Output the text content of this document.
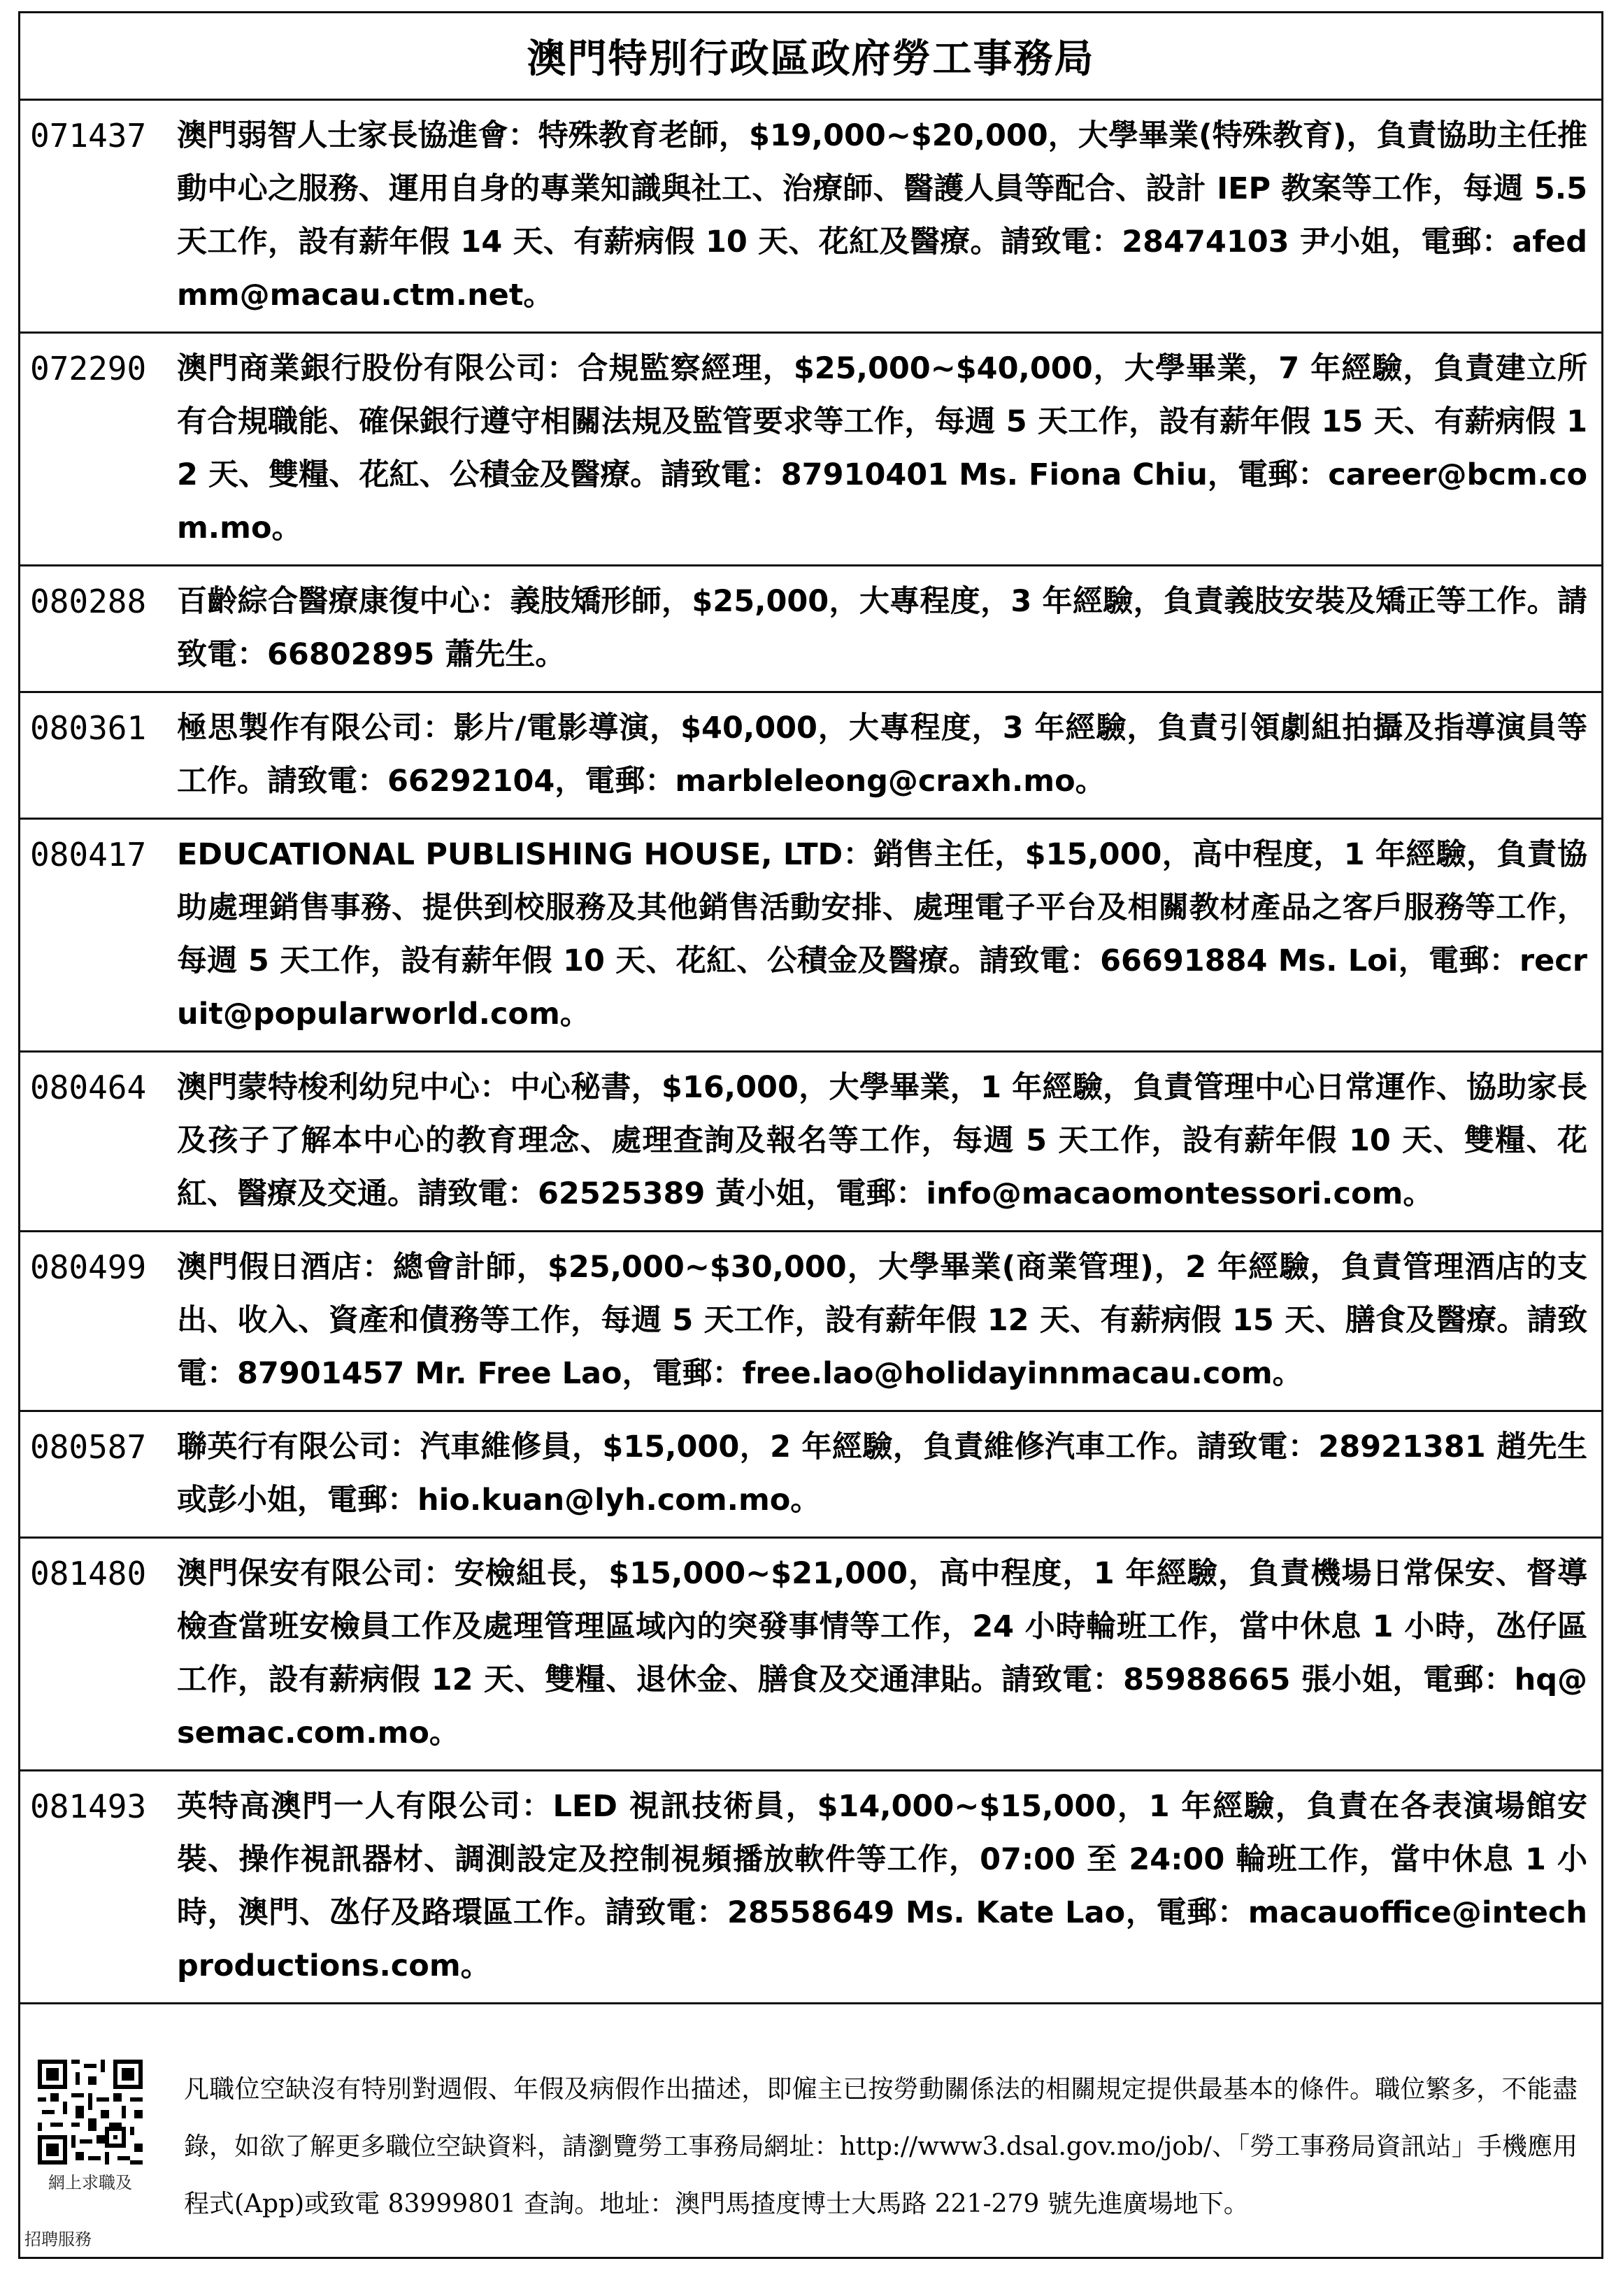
澳門特別行政區政府勞工事務局
071437	澳門弱智人士家長協進會：特殊教育老師，$19,000~$20,000，大學畢業(特殊教育)，負責協助主任推動中心之服務、運用自身的專業知識與社工、治療師、醫護人員等配合、設計 IEP 教案等工作，每週 5.5 天工作，設有薪年假 14 天、有薪病假 10 天、花紅及醫療。請致電：28474103 尹小姐，電郵：afedmm@macau.ctm.net。
072290	澳門商業銀行股份有限公司：合規監察經理，$25,000~$40,000，大學畢業，7 年經驗，負責建立所有合規職能、確保銀行遵守相關法規及監管要求等工作，每週 5 天工作，設有薪年假 15 天、有薪病假 12 天、雙糧、花紅、公積金及醫療。請致電：87910401 Ms. Fiona Chiu，電郵：career@bcm.com.mo。
080288	百齡綜合醫療康復中心：義肢矯形師，$25,000，大專程度，3 年經驗，負責義肢安裝及矯正等工作。請致電：66802895 蕭先生。
080361	極思製作有限公司：影片/電影導演，$40,000，大專程度，3 年經驗，負責引領劇組拍攝及指導演員等工作。請致電：66292104，電郵：marbleleong@craxh.mo。
080417	EDUCATIONAL PUBLISHING HOUSE, LTD：銷售主任，$15,000，高中程度，1 年經驗，負責協助處理銷售事務、提供到校服務及其他銷售活動安排、處理電子平台及相關教材產品之客戶服務等工作，每週 5 天工作，設有薪年假 10 天、花紅、公積金及醫療。請致電：66691884 Ms. Loi，電郵：recruit@popularworld.com。
080464	澳門蒙特梭利幼兒中心：中心秘書，$16,000，大學畢業，1 年經驗，負責管理中心日常運作、協助家長及孩子了解本中心的教育理念、處理查詢及報名等工作，每週 5 天工作，設有薪年假 10 天、雙糧、花紅、醫療及交通。請致電：62525389 黃小姐，電郵：info@macaomontessori.com。
080499	澳門假日酒店：總會計師，$25,000~$30,000，大學畢業(商業管理)，2 年經驗，負責管理酒店的支出、收入、資產和債務等工作，每週 5 天工作，設有薪年假 12 天、有薪病假 15 天、膳食及醫療。請致電：87901457 Mr. Free Lao，電郵：free.lao@holidayinnmacau.com。
080587	聯英行有限公司：汽車維修員，$15,000，2 年經驗，負責維修汽車工作。請致電：28921381 趙先生或彭小姐，電郵：hio.kuan@lyh.com.mo。
081480	澳門保安有限公司：安檢組長，$15,000~$21,000，高中程度，1 年經驗，負責機場日常保安、督導檢查當班安檢員工作及處理管理區域內的突發事情等工作，24 小時輪班工作，當中休息 1 小時，氹仔區工作，設有薪病假 12 天、雙糧、退休金、膳食及交通津貼。請致電：85988665 張小姐，電郵：hq@semac.com.mo。
081493	英特高澳門一人有限公司：LED 視訊技術員，$14,000~$15,000，1 年經驗，負責在各表演場館安裝、操作視訊器材、調測設定及控制視頻播放軟件等工作，07:00 至 24:00 輪班工作，當中休息 1 小時，澳門、氹仔及路環區工作。請致電：28558649 Ms. Kate Lao，電郵：macauoffice@intechproductions.com。
網上求職及
招聘服務
凡職位空缺沒有特別對週假、年假及病假作出描述，即僱主已按勞動關係法的相關規定提供最基本的條件。職位繁多，不能盡錄，如欲了解更多職位空缺資料，請瀏覽勞工事務局網址：http://www3.dsal.gov.mo/job/、「勞工事務局資訊站」手機應用程式(App)或致電 83999801 查詢。地址：澳門馬揸度博士大馬路 221-279 號先進廣場地下。
